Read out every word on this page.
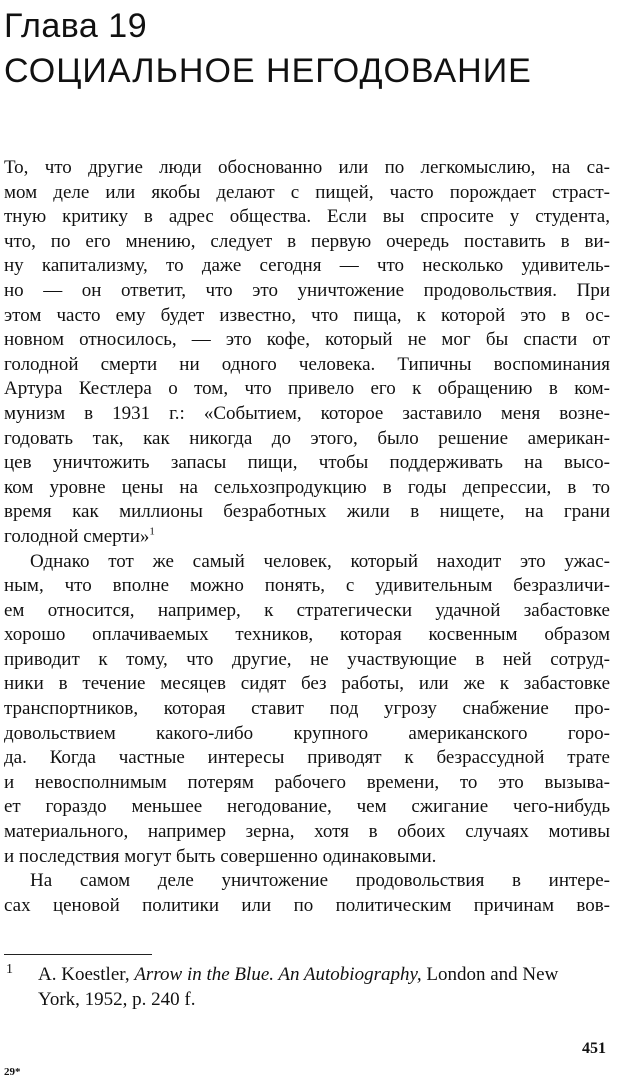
Глава 19
СОЦИАЛЬНОЕ НЕГОДОВАНИЕ
То, что другие люди обоснованно или по легкомыслию, на са-
мом деле или якобы делают с пищей, часто порождает страст-
тную критику в адрес общества. Если вы спросите у студента,
что, по его мнению, следует в первую очередь поставить в ви-
ну капитализму, то даже сегодня — что несколько удивитель-
но — он ответит, что это уничтожение продовольствия. При
этом часто ему будет известно, что пища, к которой это в ос-
новном относилось, — это кофе, который не мог бы спасти от
голодной смерти ни одного человека. Типичны воспоминания
Артура Кестлера о том, что привело его к обращению в ком-
мунизм в 1931 г.: «Событием, которое заставило меня возне-
годовать так, как никогда до этого, было решение американ-
цев уничтожить запасы пищи, чтобы поддерживать на высо-
ком уровне цены на сельхозпродукцию в годы депрессии, в то
время как миллионы безработных жили в нищете, на грани
голодной смерти»$^1$
Однако тот же самый человек, который находит это ужас-
ным, что вполне можно понять, с удивительным безразличи-
ем относится, например, к стратегически удачной забастовке
хорошо оплачиваемых техников, которая косвенным образом
приводит к тому, что другие, не участвующие в ней сотруд-
ники в течение месяцев сидят без работы, или же к забастовке
транспортников, которая ставит под угрозу снабжение про-
довольствием какого-либо крупного американского горо-
да. Когда частные интересы приводят к безрассудной трате
и невосполнимым потерям рабочего времени, то это вызыва-
ет гораздо меньшее негодование, чем сжигание чего-нибудь
материального, например зерна, хотя в обоих случаях мотивы
и последствия могут быть совершенно одинаковыми.
На самом деле уничтожение продовольствия в интере-
сах ценовой политики или по политическим причинам вов-
1	A. Koestler, Arrow in the Blue. An Autobiography, London and New
York, 1952, p. 240 f.
451
29*
